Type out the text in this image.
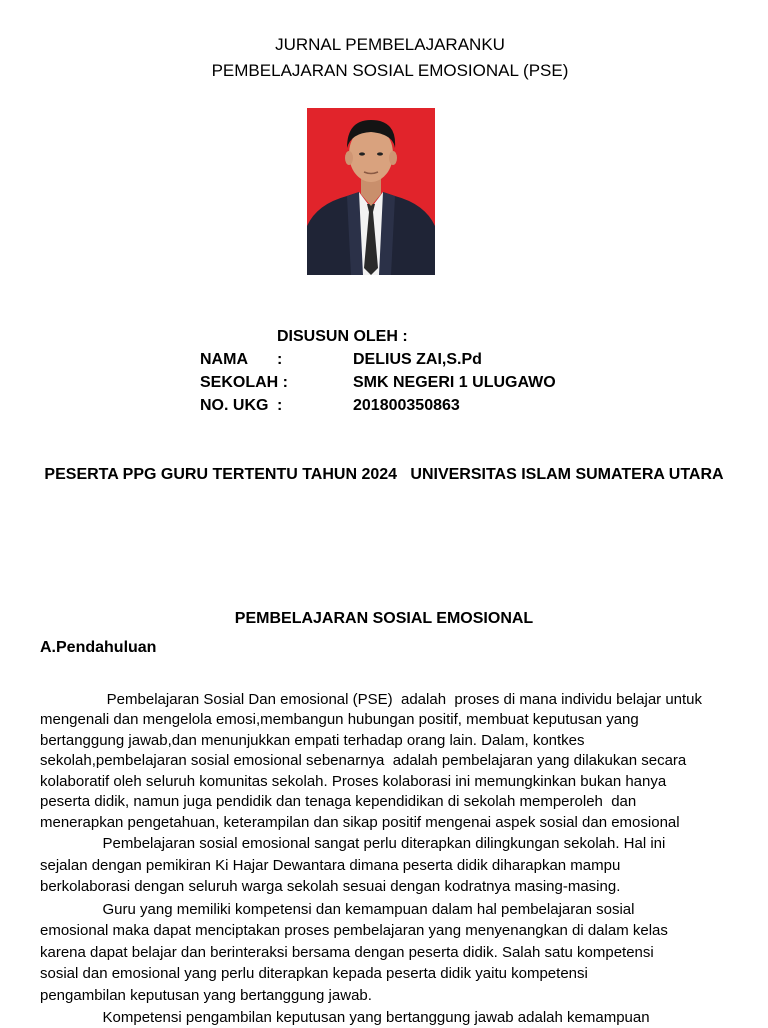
JURNAL PEMBELAJARANKU
PEMBELAJARAN SOSIAL EMOSIONAL (PSE)
DISUSUN OLEH :
NAMA :	DELIUS ZAI,S.Pd
SEKOLAH :	SMK NEGERI 1 ULUGAWO
NO. UKG :	201800350863
PESERTA PPG GURU TERTENTU TAHUN 2024   UNIVERSITAS ISLAM SUMATERA UTARA
PEMBELAJARAN SOSIAL EMOSIONAL
A.Pendahuluan
Pembelajaran Sosial Dan emosional (PSE)  adalah  proses di mana individu belajar untuk
mengenali dan mengelola emosi,membangun hubungan positif, membuat keputusan yang
bertanggung jawab,dan menunjukkan empati terhadap orang lain. Dalam, kontkes
sekolah,pembelajaran sosial emosional sebenarnya  adalah pembelajaran yang dilakukan secara
kolaboratif oleh seluruh komunitas sekolah. Proses kolaborasi ini memungkinkan bukan hanya
peserta didik, namun juga pendidik dan tenaga kependidikan di sekolah memperoleh  dan
menerapkan pengetahuan, keterampilan dan sikap positif mengenai aspek sosial dan emosional
Pembelajaran sosial emosional sangat perlu diterapkan dilingkungan sekolah. Hal ini
sejalan dengan pemikiran Ki Hajar Dewantara dimana peserta didik diharapkan mampu
berkolaborasi dengan seluruh warga sekolah sesuai dengan kodratnya masing-masing.
Guru yang memiliki kompetensi dan kemampuan dalam hal pembelajaran sosial
emosional maka dapat menciptakan proses pembelajaran yang menyenangkan di dalam kelas
karena dapat belajar dan berinteraksi bersama dengan peserta didik. Salah satu kompetensi
sosial dan emosional yang perlu diterapkan kepada peserta didik yaitu kompetensi
pengambilan keputusan yang bertanggung jawab.
Kompetensi pengambilan keputusan yang bertanggung jawab adalah kemampuan
